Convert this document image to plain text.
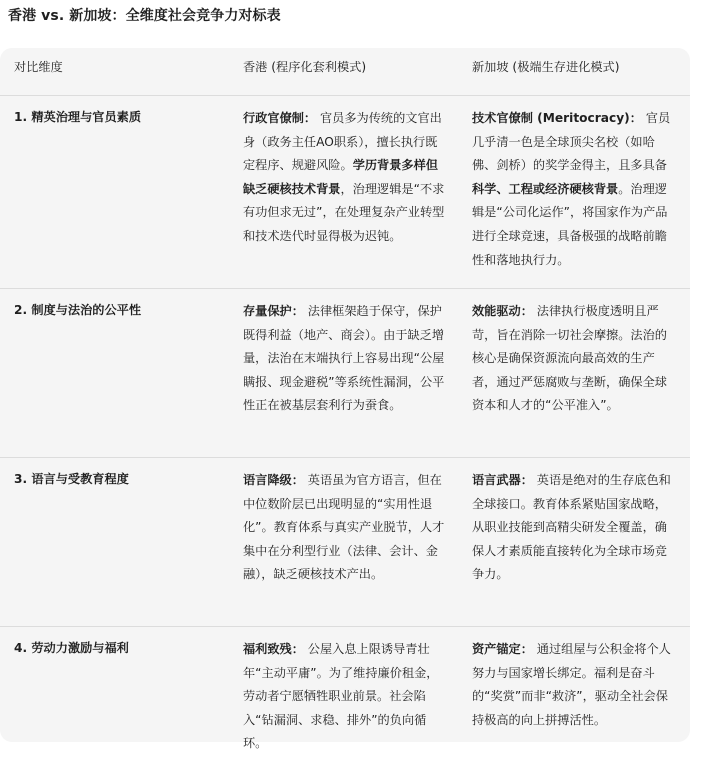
香港 vs. 新加坡：全维度社会竞争力对标表
对比维度	香港 (程序化套利模式)	新加坡 (极端生存进化模式)
1. 精英治理与官员素质	行政官僚制： 官员多为传统的文官出身（政务主任AO职系），擅长执行既定程序、规避风险。学历背景多样但缺乏硬核技术背景，治理逻辑是“不求有功但求无过”，在处理复杂产业转型和技术迭代时显得极为迟钝。	技术官僚制 (Meritocracy)： 官员几乎清一色是全球顶尖名校（如哈佛、剑桥）的奖学金得主，且多具备科学、工程或经济硬核背景。治理逻辑是“公司化运作”，将国家作为产品进行全球竞速，具备极强的战略前瞻性和落地执行力。
2. 制度与法治的公平性	存量保护： 法律框架趋于保守，保护既得利益（地产、商会）。由于缺乏增量，法治在末端执行上容易出现“公屋瞒报、现金避税”等系统性漏洞，公平性正在被基层套利行为蚕食。	效能驱动： 法律执行极度透明且严苛，旨在消除一切社会摩擦。法治的核心是确保资源流向最高效的生产者，通过严惩腐败与垄断，确保全球资本和人才的“公平准入”。
3. 语言与受教育程度	语言降级： 英语虽为官方语言，但在中位数阶层已出现明显的“实用性退化”。教育体系与真实产业脱节，人才集中在分利型行业（法律、会计、金融），缺乏硬核技术产出。	语言武器： 英语是绝对的生存底色和全球接口。教育体系紧贴国家战略，从职业技能到高精尖研发全覆盖，确保人才素质能直接转化为全球市场竞争力。
4. 劳动力激励与福利	福利致残： 公屋入息上限诱导青壮年“主动平庸”。为了维持廉价租金，劳动者宁愿牺牲职业前景。社会陷入“钻漏洞、求稳、排外”的负向循环。	资产锚定： 通过组屋与公积金将个人努力与国家增长绑定。福利是奋斗的“奖赏”而非“救济”，驱动全社会保持极高的向上拼搏活性。
